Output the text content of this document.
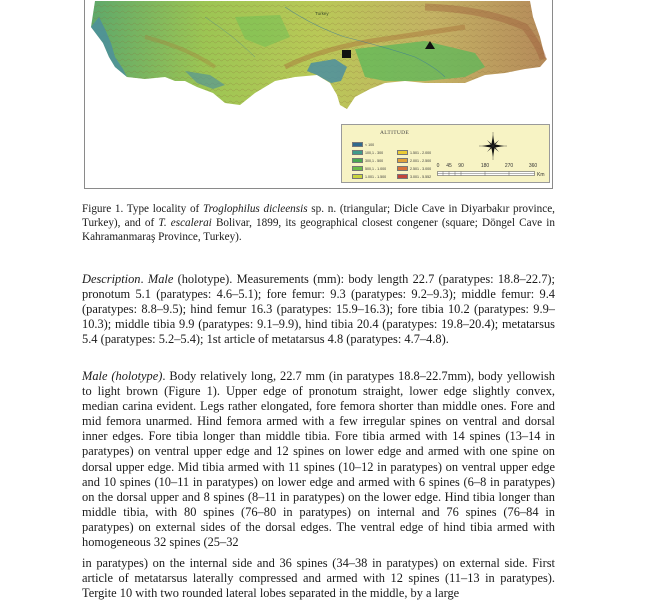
Turkey
ALTITUDE
< 100
100,1 - 300
300,1 - 500
500,1 - 1.000
1.001 - 1.500
1.501 - 2.000
2.001 - 2.500
2.501 - 3.000
3.001 - 5.552
0 45 90	180	270	360
Km
Figure 1. Type locality of Troglophilus dicleensis sp. n. (triangular; Dicle Cave in Diyarbakır province, Turkey), and of T. escalerai Bolivar, 1899, its geographical closest congener (square; Döngel Cave in Kahramanmaraş Province, Turkey).

Description. Male (holotype). Measurements (mm): body length 22.7 (paratypes: 18.8–22.7); pronotum 5.1 (paratypes: 4.6–5.1); fore femur: 9.3 (paratypes: 9.2–9.3); middle femur: 9.4 (paratypes: 8.8–9.5); hind femur 16.3 (paratypes: 15.9–16.3); fore tibia 10.2 (paratypes: 9.9–10.3); middle tibia 9.9 (paratypes: 9.1–9.9), hind tibia 20.4 (paratypes: 19.8–20.4); metatarsus 5.4 (paratypes: 5.2–5.4); 1st article of metatarsus 4.8 (paratypes: 4.7–4.8).

Male (holotype). Body relatively long, 22.7 mm (in paratypes 18.8–22.7mm), body yellowish to light brown (Figure 1). Upper edge of pronotum straight, lower edge slightly convex, median carina evident. Legs rather elongated, fore femora shorter than middle ones. Fore and mid femora unarmed. Hind femora armed with a few irregular spines on ventral and dorsal inner edges. Fore tibia longer than middle tibia. Fore tibia armed with 14 spines (13–14 in paratypes) on ventral upper edge and 12 spines on lower edge and armed with one spine on dorsal upper edge. Mid tibia armed with 11 spines (10–12 in paratypes) on ventral upper edge and 10 spines (10–11 in paratypes) on lower edge and armed with 6 spines (6–8 in paratypes) on the dorsal upper and 8 spines (8–11 in paratypes) on the lower edge. Hind tibia longer than middle tibia, with 80 spines (76–80 in paratypes) on internal and 76 spines (76–84 in paratypes) on external sides of the dorsal edges. The ventral edge of hind tibia armed with homogeneous 32 spines (25–32

in paratypes) on the internal side and 36 spines (34–38 in paratypes) on external side. First article of metatarsus laterally compressed and armed with 12 spines (11–13 in paratypes). Tergite 10 with two rounded lateral lobes separated in the middle, by a large
